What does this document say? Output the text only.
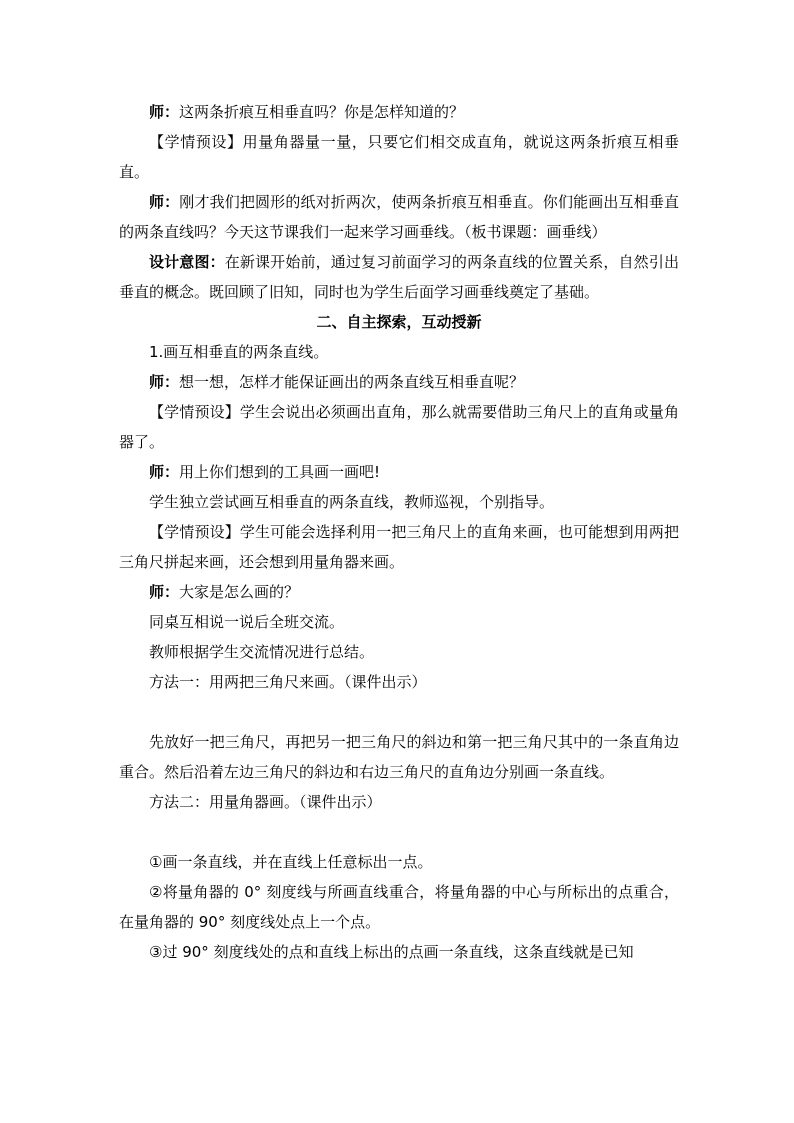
师：这两条折痕互相垂直吗？你是怎样知道的？

【学情预设】用量角器量一量，只要它们相交成直角，就说这两条折痕互相垂直。

师：刚才我们把圆形的纸对折两次，使两条折痕互相垂直。你们能画出互相垂直的两条直线吗？今天这节课我们一起来学习画垂线。（板书课题：画垂线）

设计意图：在新课开始前，通过复习前面学习的两条直线的位置关系，自然引出垂直的概念。既回顾了旧知，同时也为学生后面学习画垂线奠定了基础。

二、自主探索，互动授新

1.画互相垂直的两条直线。

师：想一想，怎样才能保证画出的两条直线互相垂直呢？

【学情预设】学生会说出必须画出直角，那么就需要借助三角尺上的直角或量角器了。

师：用上你们想到的工具画一画吧!

学生独立尝试画互相垂直的两条直线，教师巡视，个别指导。

【学情预设】学生可能会选择利用一把三角尺上的直角来画，也可能想到用两把三角尺拼起来画，还会想到用量角器来画。

师：大家是怎么画的？

同桌互相说一说后全班交流。

教师根据学生交流情况进行总结。

方法一：用两把三角尺来画。（课件出示）

先放好一把三角尺，再把另一把三角尺的斜边和第一把三角尺其中的一条直角边重合。然后沿着左边三角尺的斜边和右边三角尺的直角边分别画一条直线。

方法二：用量角器画。（课件出示）

①画一条直线，并在直线上任意标出一点。

②将量角器的 0° 刻度线与所画直线重合，将量角器的中心与所标出的点重合，在量角器的 90° 刻度线处点上一个点。

③过 90° 刻度线处的点和直线上标出的点画一条直线，这条直线就是已知
